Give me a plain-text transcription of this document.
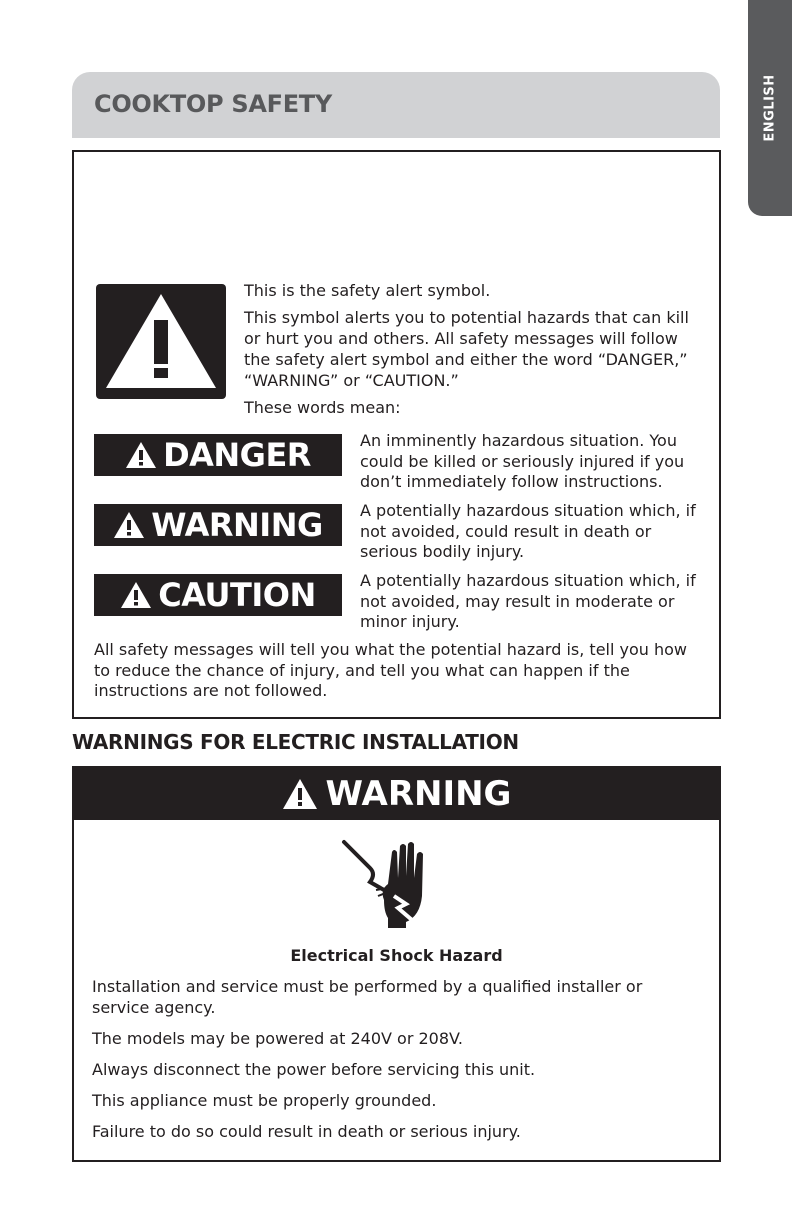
ENGLISH
COOKTOP SAFETY

This is the safety alert symbol.

This symbol alerts you to potential hazards that can kill or hurt you and others. All safety messages will follow the safety alert symbol and either the word “DANGER,” “WARNING” or “CAUTION.”

These words mean:

DANGER	An imminently hazardous situation. You could be killed or seriously injured if you don’t immediately follow instructions.
WARNING A potentially hazardous situation which, if not avoided, could result in death or serious bodily injury.
CAUTION	A potentially hazardous situation which, if not avoided, may result in moderate or minor injury.
All safety messages will tell you what the potential hazard is, tell you how to reduce the chance of injury, and tell you what can happen if the instructions are not followed.
WARNINGS FOR ELECTRIC INSTALLATION
WARNING
Electrical Shock Hazard

Installation and service must be performed by a qualified installer or service agency.

The models may be powered at 240V or 208V.

Always disconnect the power before servicing this unit.

This appliance must be properly grounded.

Failure to do so could result in death or serious injury.
